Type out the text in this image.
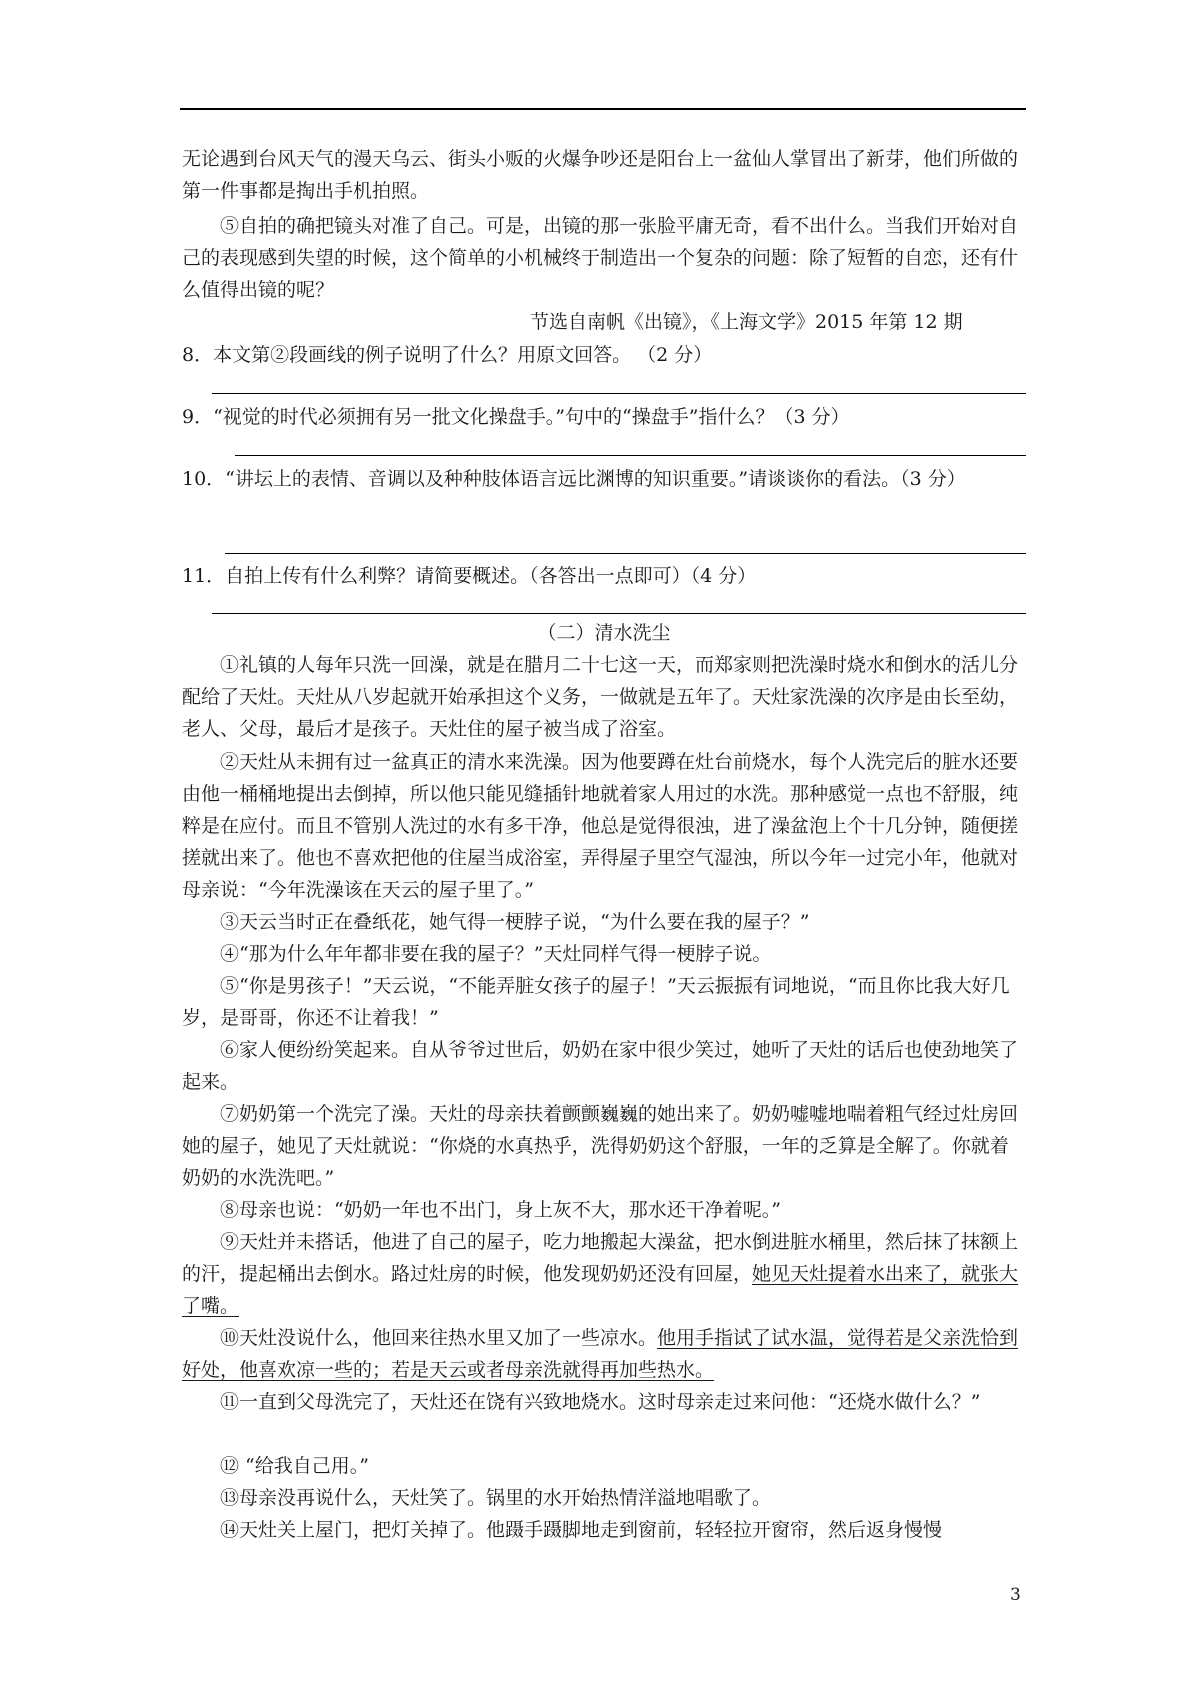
无论遇到台风天气的漫天乌云、街头小贩的火爆争吵还是阳台上一盆仙人掌冒出了新芽，他们所做的第一件事都是掏出手机拍照。

⑤自拍的确把镜头对准了自己。可是，出镜的那一张脸平庸无奇，看不出什么。当我们开始对自己的表现感到失望的时候，这个简单的小机械终于制造出一个复杂的问题：除了短暂的自恋，还有什么值得出镜的呢？

节选自南帆《出镜》，《上海文学》2015 年第 12 期

8．本文第②段画线的例子说明了什么？用原文回答。 （2 分）

9．“视觉的时代必须拥有另一批文化操盘手。”句中的“操盘手”指什么？（3 分）

10．“讲坛上的表情、音调以及种种肢体语言远比渊博的知识重要。”请谈谈你的看法。（3 分）

11．自拍上传有什么利弊？请简要概述。（各答出一点即可）（4 分）

（二）清水洗尘

①礼镇的人每年只洗一回澡，就是在腊月二十七这一天，而郑家则把洗澡时烧水和倒水的活儿分配给了天灶。天灶从八岁起就开始承担这个义务，一做就是五年了。天灶家洗澡的次序是由长至幼，老人、父母，最后才是孩子。天灶住的屋子被当成了浴室。

②天灶从未拥有过一盆真正的清水来洗澡。因为他要蹲在灶台前烧水，每个人洗完后的脏水还要由他一桶桶地提出去倒掉，所以他只能见缝插针地就着家人用过的水洗。那种感觉一点也不舒服，纯粹是在应付。而且不管别人洗过的水有多干净，他总是觉得很浊，进了澡盆泡上个十几分钟，随便搓搓就出来了。他也不喜欢把他的住屋当成浴室，弄得屋子里空气湿浊，所以今年一过完小年，他就对母亲说：“今年洗澡该在天云的屋子里了。”

③天云当时正在叠纸花，她气得一梗脖子说，“为什么要在我的屋子？”

④“那为什么年年都非要在我的屋子？”天灶同样气得一梗脖子说。

⑤“你是男孩子！”天云说，“不能弄脏女孩子的屋子！”天云振振有词地说，“而且你比我大好几岁，是哥哥，你还不让着我！”

⑥家人便纷纷笑起来。自从爷爷过世后，奶奶在家中很少笑过，她听了天灶的话后也使劲地笑了起来。

⑦奶奶第一个洗完了澡。天灶的母亲扶着颤颤巍巍的她出来了。奶奶嘘嘘地喘着粗气经过灶房回她的屋子，她见了天灶就说：“你烧的水真热乎，洗得奶奶这个舒服，一年的乏算是全解了。你就着奶奶的水洗洗吧。”

⑧母亲也说：“奶奶一年也不出门，身上灰不大，那水还干净着呢。”

⑨天灶并未搭话，他进了自己的屋子，吃力地搬起大澡盆，把水倒进脏水桶里，然后抹了抹额上的汗，提起桶出去倒水。路过灶房的时候，他发现奶奶还没有回屋，她见天灶提着水出来了，就张大了嘴。

⑩天灶没说什么，他回来往热水里又加了一些凉水。他用手指试了试水温，觉得若是父亲洗恰到好处，他喜欢凉一些的；若是天云或者母亲洗就得再加些热水。

⑪一直到父母洗完了，天灶还在饶有兴致地烧水。这时母亲走过来问他：“还烧水做什么？”

⑫ “给我自己用。”

⑬母亲没再说什么，天灶笑了。锅里的水开始热情洋溢地唱歌了。

⑭天灶关上屋门，把灯关掉了。他蹑手蹑脚地走到窗前，轻轻拉开窗帘，然后返身慢慢

3
